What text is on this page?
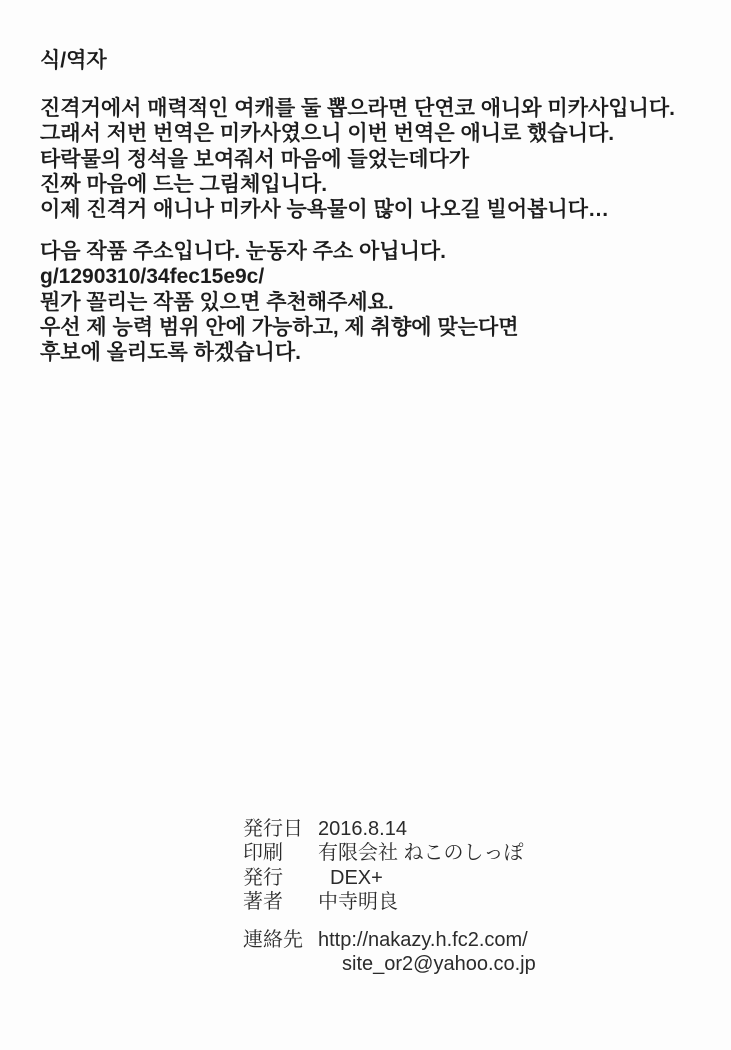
식/역자
진격거에서 매력적인 여캐를 둘 뽑으라면 단연코 애니와 미카사입니다.
그래서 저번 번역은 미카사였으니 이번 번역은 애니로 했습니다.
타락물의 정석을 보여줘서 마음에 들었는데다가
진짜 마음에 드는 그림체입니다.
이제 진격거 애니나 미카사 능욕물이 많이 나오길 빌어봅니다…
다음 작품 주소입니다. 눈동자 주소 아닙니다.
g/1290310/34fec15e9c/
뭔가 꼴리는 작품 있으면 추천해주세요.
우선 제 능력 범위 안에 가능하고, 제 취향에 맞는다면
후보에 올리도록 하겠습니다.
発行日 2016.8.14
印刷 有限会社 ねこのしっぽ
発行 DEX+
著者 中寺明良
連絡先 http://nakazy.h.fc2.com/
site_or2@yahoo.co.jp
